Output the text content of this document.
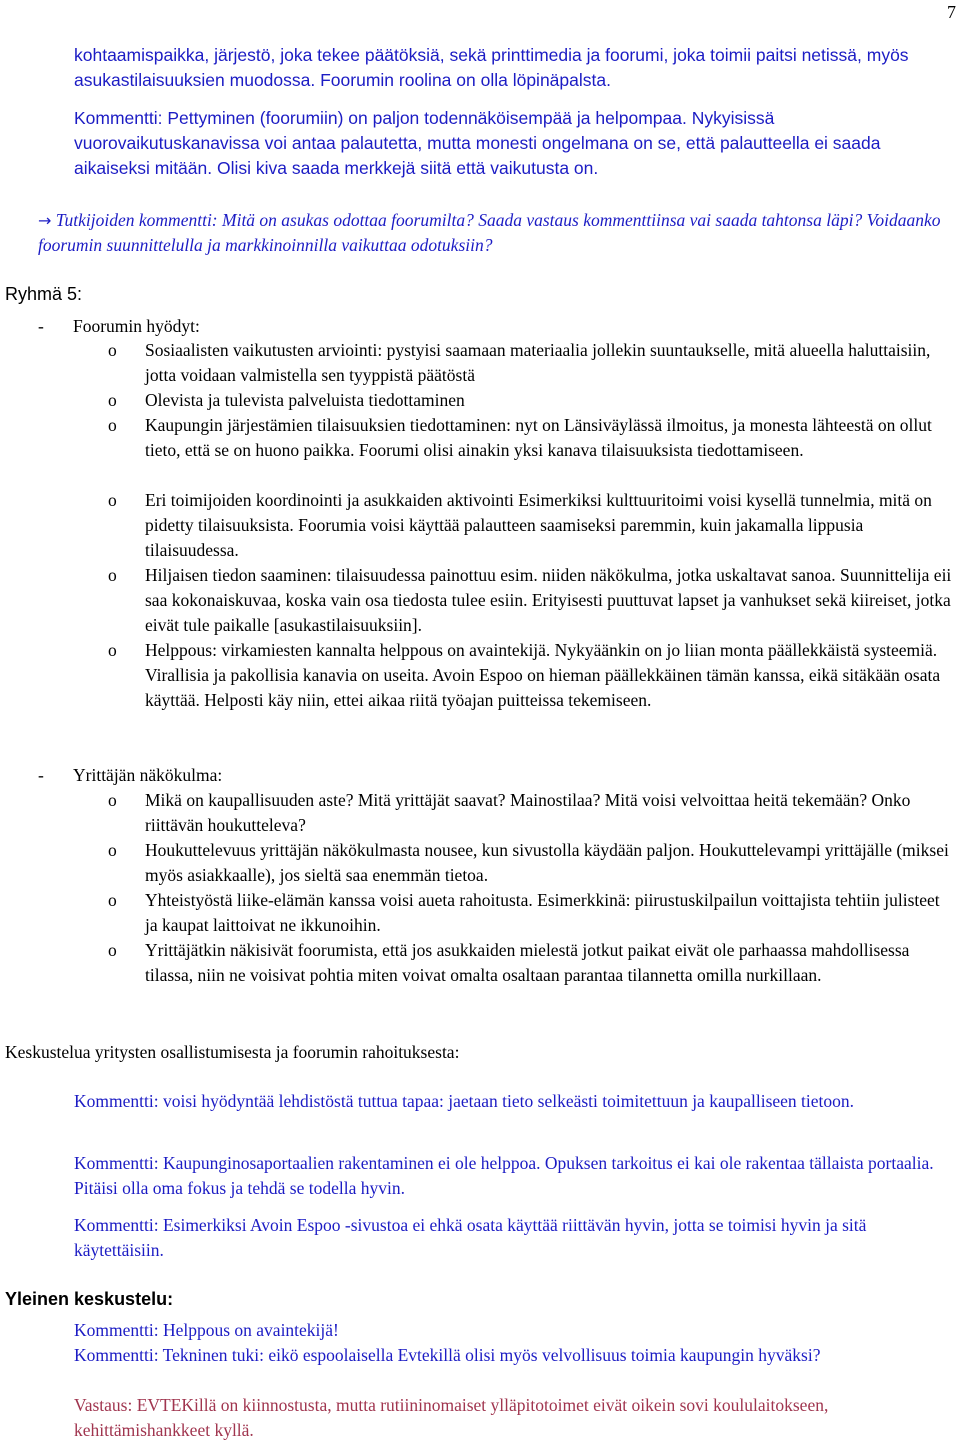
7

kohtaamispaikka, järjestö, joka tekee päätöksiä, sekä printtimedia ja foorumi, joka toimii paitsi netissä, myös asukastilaisuuksien muodossa. Foorumin roolina on olla löpinäpalsta.

Kommentti: Pettyminen (foorumiin) on paljon todennäköisempää ja helpompaa. Nykyisissä vuorovaikutuskanavissa voi antaa palautetta, mutta monesti ongelmana on se, että palautteella ei saada aikaiseksi mitään. Olisi kiva saada merkkejä siitä että vaikutusta on.

→ Tutkijoiden kommentti: Mitä on asukas odottaa foorumilta? Saada vastaus kommenttiinsa vai saada tahtonsa läpi? Voidaanko foorumin suunnittelulla ja markkinoinnilla vaikuttaa odotuksiin?

Ryhmä 5:

- Foorumin hyödyt:

o Sosiaalisten vaikutusten arviointi: pystyisi saamaan materiaalia jollekin suuntaukselle, mitä alueella haluttaisiin, jotta voidaan valmistella sen tyyppistä päätöstä
o Olevista ja tulevista palveluista tiedottaminen
o Kaupungin järjestämien tilaisuuksien tiedottaminen: nyt on Länsiväylässä ilmoitus, ja monesta lähteestä on ollut tieto, että se on huono paikka. Foorumi olisi ainakin yksi kanava tilaisuuksista tiedottamiseen.
o Eri toimijoiden koordinointi ja asukkaiden aktivointi Esimerkiksi kulttuuritoimi voisi kysellä tunnelmia, mitä on pidetty tilaisuuksista. Foorumia voisi käyttää palautteen saamiseksi paremmin, kuin jakamalla lippusia tilaisuudessa.
o Hiljaisen tiedon saaminen: tilaisuudessa painottuu esim. niiden näkökulma, jotka uskaltavat sanoa. Suunnittelija eii saa kokonaiskuvaa, koska vain osa tiedosta tulee esiin. Erityisesti puuttuvat lapset ja vanhukset sekä kiireiset, jotka eivät tule paikalle [asukastilaisuuksiin].
o Helppous: virkamiesten kannalta helppous on avaintekijä. Nykyäänkin on jo liian monta päällekkäistä systeemiä. Virallisia ja pakollisia kanavia on useita. Avoin Espoo on hieman päällekkäinen tämän kanssa, eikä sitäkään osata käyttää. Helposti käy niin, ettei aikaa riitä työajan puitteissa tekemiseen.

- Yrittäjän näkökulma:

o Mikä on kaupallisuuden aste? Mitä yrittäjät saavat? Mainostilaa? Mitä voisi velvoittaa heitä tekemään? Onko riittävän houkutteleva?
o Houkuttelevuus yrittäjän näkökulmasta nousee, kun sivustolla käydään paljon. Houkuttelevampi yrittäjälle (miksei myös asiakkaalle), jos sieltä saa enemmän tietoa.
o Yhteistyöstä liike-elämän kanssa voisi aueta rahoitusta. Esimerkkinä: piirustuskilpailun voittajista tehtiin julisteet ja kaupat laittoivat ne ikkunoihin.
o Yrittäjätkin näkisivät foorumista, että jos asukkaiden mielestä jotkut paikat eivät ole parhaassa mahdollisessa tilassa, niin ne voisivat pohtia miten voivat omalta osaltaan parantaa tilannetta omilla nurkillaan.

Keskustelua yritysten osallistumisesta ja foorumin rahoituksesta:

Kommentti: voisi hyödyntää lehdistöstä tuttua tapaa: jaetaan tieto selkeästi toimitettuun ja kaupalliseen tietoon.

Kommentti: Kaupunginosaportaalien rakentaminen ei ole helppoa. Opuksen tarkoitus ei kai ole rakentaa tällaista portaalia. Pitäisi olla oma fokus ja tehdä se todella hyvin.

Kommentti: Esimerkiksi Avoin Espoo -sivustoa ei ehkä osata käyttää riittävän hyvin, jotta se toimisi hyvin ja sitä käytettäisiin.

Yleinen keskustelu:

Kommentti: Helppous on avaintekijä!

Kommentti: Tekninen tuki: eikö espoolaisella Evtekillä olisi myös velvollisuus toimia kaupungin hyväksi?

Vastaus: EVTEKillä on kiinnostusta, mutta rutiininomaiset ylläpitotoimet eivät oikein sovi koululaitokseen, kehittämishankkeet kyllä.
